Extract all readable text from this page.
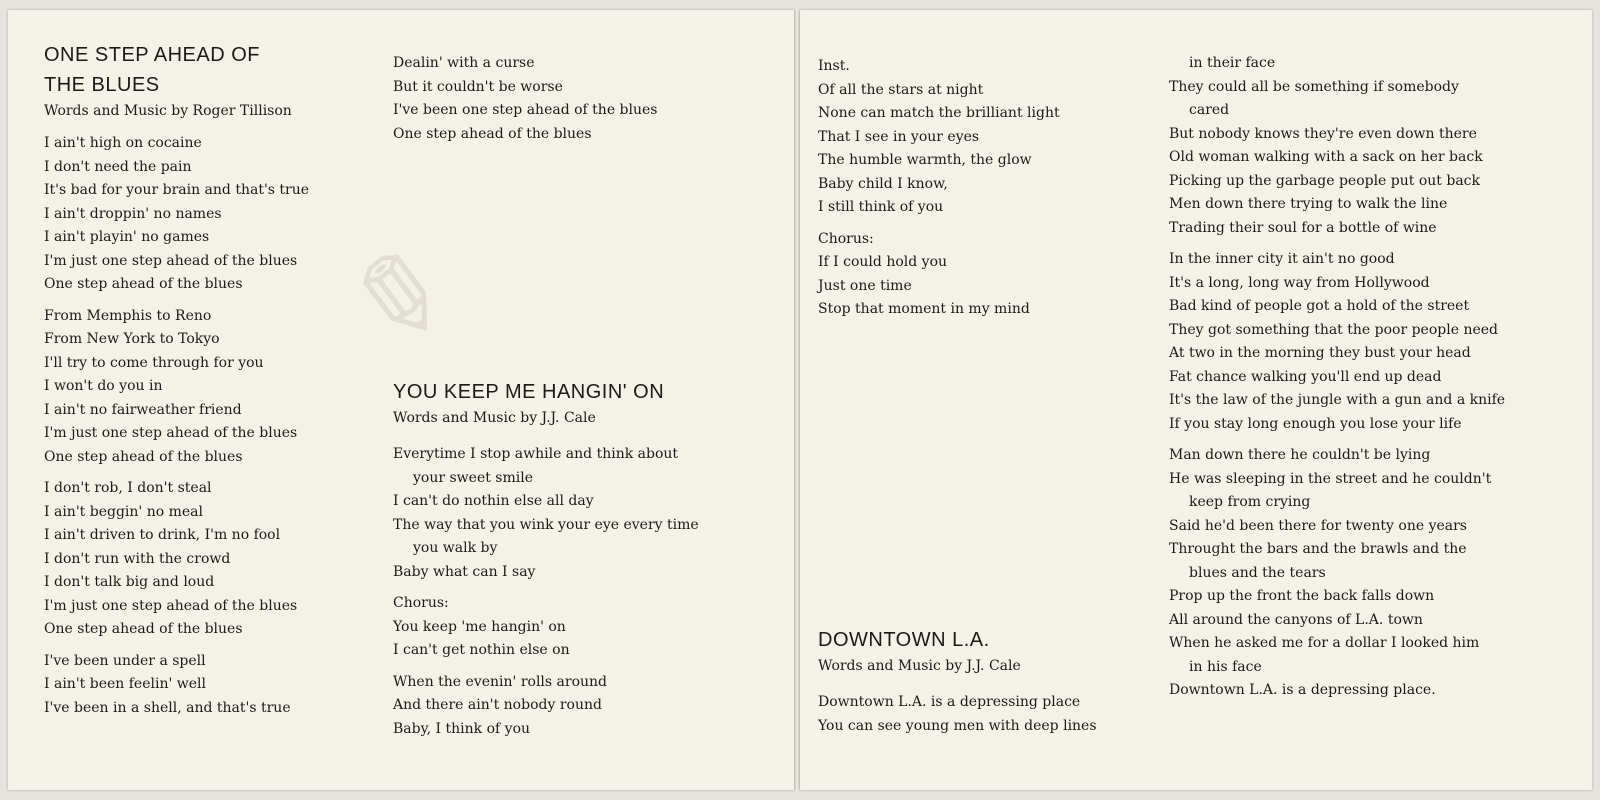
✎
ONE STEP AHEAD OF
THE BLUES

Words and Music by Roger Tillison

I ain't high on cocaine
I don't need the pain
It's bad for your brain and that's true
I ain't droppin' no names
I ain't playin' no games
I'm just one step ahead of the blues
One step ahead of the blues
From Memphis to Reno
From New York to Tokyo
I'll try to come through for you
I won't do you in
I ain't no fairweather friend
I'm just one step ahead of the blues
One step ahead of the blues
I don't rob, I don't steal
I ain't beggin' no meal
I ain't driven to drink, I'm no fool
I don't run with the crowd
I don't talk big and loud
I'm just one step ahead of the blues
One step ahead of the blues
I've been under a spell
I ain't been feelin' well
I've been in a shell, and that's true
Dealin' with a curse
But it couldn't be worse
I've been one step ahead of the blues
One step ahead of the blues
YOU KEEP ME HANGIN' ON

Words and Music by J.J. Cale

Everytime I stop awhile and think about
your sweet smile
I can't do nothin else all day
The way that you wink your eye every time
you walk by
Baby what can I say
Chorus:
You keep 'me hangin' on
I can't get nothin else on
When the evenin' rolls around
And there ain't nobody round
Baby, I think of you
Inst.
Of all the stars at night
None can match the brilliant light
That I see in your eyes
The humble warmth, the glow
Baby child I know,
I still think of you
Chorus:
If I could hold you
Just one time
Stop that moment in my mind
DOWNTOWN L.A.

Words and Music by J.J. Cale

Downtown L.A. is a depressing place
You can see young men with deep lines
in their face
They could all be something if somebody
cared
But nobody knows they're even down there
Old woman walking with a sack on her back
Picking up the garbage people put out back
Men down there trying to walk the line
Trading their soul for a bottle of wine
In the inner city it ain't no good
It's a long, long way from Hollywood
Bad kind of people got a hold of the street
They got something that the poor people need
At two in the morning they bust your head
Fat chance walking you'll end up dead
It's the law of the jungle with a gun and a knife
If you stay long enough you lose your life
Man down there he couldn't be lying
He was sleeping in the street and he couldn't
keep from crying
Said he'd been there for twenty one years
Throught the bars and the brawls and the
blues and the tears
Prop up the front the back falls down
All around the canyons of L.A. town
When he asked me for a dollar I looked him
in his face
Downtown L.A. is a depressing place.
